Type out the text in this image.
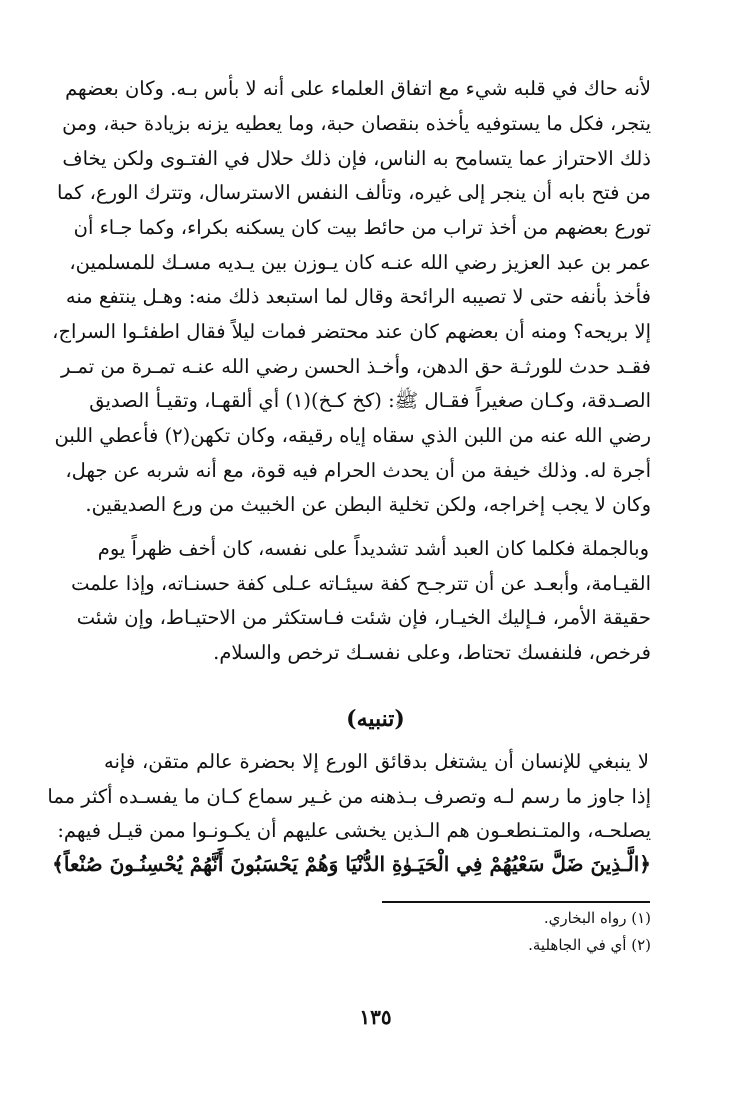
لأنه حاك في قلبه شيء مع اتفاق العلماء على أنه لا بأس بـه. وكان بعضهم
يتجر، فكل ما يستوفيه يأخذه بنقصان حبة، وما يعطيه يزنه بزيادة حبة، ومن
ذلك الاحتراز عما يتسامح به الناس، فإن ذلك حلال في الفتـوى ولكن يخاف
من فتح بابه أن ينجر إلى غيره، وتألف النفس الاسترسال، وتترك الورع، كما
تورع بعضهم من أخذ تراب من حائط بيت كان يسكنه بكراء، وكما جـاء أن
عمر بن عبد العزيز رضي الله عنـه كان يـوزن بين يـديه مسـك للمسلمين،
فأخذ بأنفه حتى لا تصيبه الرائحة وقال لما استبعد ذلك منه: وهـل ينتفع منه
إلا بريحه؟ ومنه أن بعضهم كان عند محتضر فمات ليلاً فقال اطفئـوا السراج،
فقـد حدث للورثـة حق الدهن، وأخـذ الحسن رضي الله عنـه تمـرة من تمـر
الصـدقة، وكـان صغيراً فقـال ﷺ: (كخ كـخ)(١) أي ألقهـا، وتقيـأ الصديق
رضي الله عنه من اللبن الذي سقاه إياه رقيقه، وكان تكهن(٢) فأعطي اللبن
أجرة له. وذلك خيفة من أن يحدث الحرام فيه قوة، مع أنه شربه عن جهل،
وكان لا يجب إخراجه، ولكن تخلية البطن عن الخبيث من ورع الصديقين.
وبالجملة فكلما كان العبد أشد تشديداً على نفسه، كان أخف ظهراً يوم
القيـامة، وأبعـد عن أن تترجـح كفة سيئـاته عـلى كفة حسنـاته، وإذا علمت
حقيقة الأمر، فـإليك الخيـار، فإن شئت فـاستكثر من الاحتيـاط، وإن شئت
فرخص، فلنفسك تحتاط، وعلى نفسـك ترخص والسلام.
(تنبيه)
لا ينبغي للإنسان أن يشتغل بدقائق الورع إلا بحضرة عالم متقن، فإنه
إذا جاوز ما رسم لـه وتصرف بـذهنه من غـير سماع كـان ما يفسـده أكثر مما
يصلحـه، والمتـنطعـون هم الـذين يخشى عليهم أن يكـونـوا ممن قيـل فيهم:
﴿الَّـذِينَ ضَلَّ سَعْيُهُمْ فِي الْحَيَـوٰةِ الدُّنْيَا وَهُمْ يَحْسَبُونَ أَنَّهُمْ يُحْسِنُـونَ صُنْعاً﴾
(١) رواه البخاري.
(٢) أي في الجاهلية.
١٣٥
